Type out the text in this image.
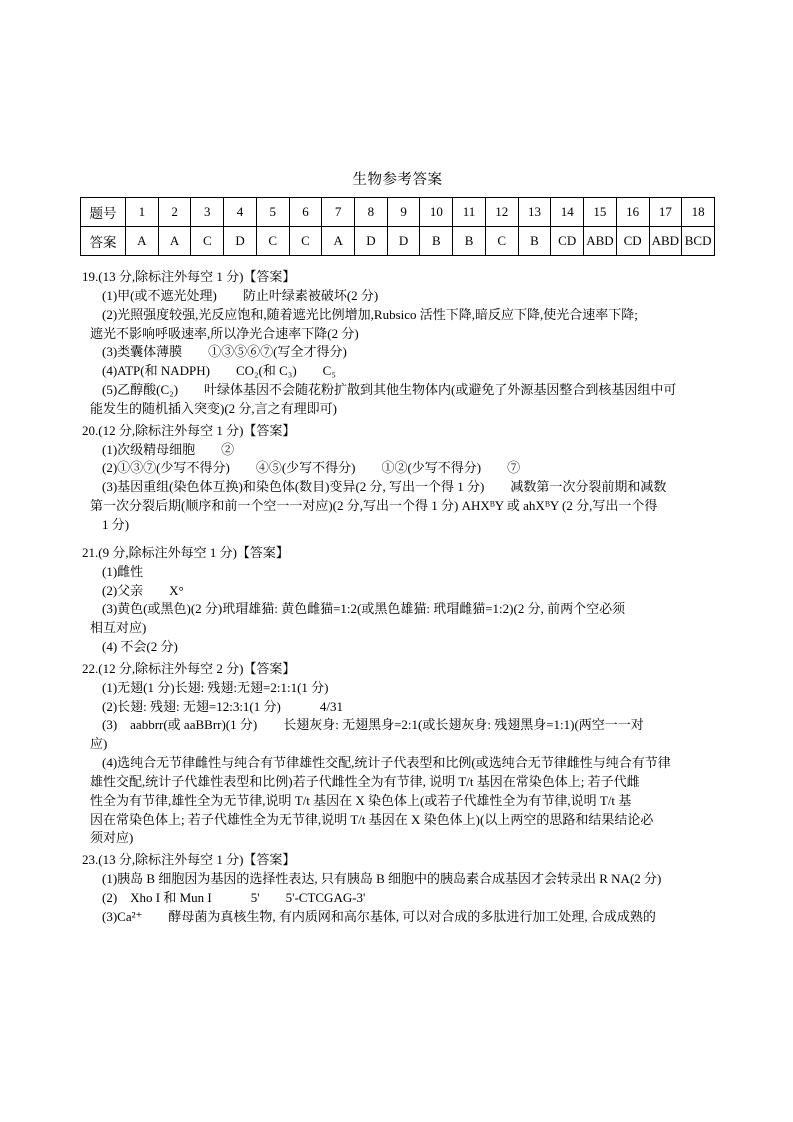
生物参考答案
题号	1	2	3	4	5	6	7	8	9	10	11	12	13	14	15	16	17	18
答案	A	A	C	D	C	C	A	D	D	B	B	C	B	CD	ABD	CD	ABD	BCD
19.(13 分,除标注外每空 1 分)【答案】
(1)甲(或不遮光处理)　　防止叶绿素被破坏(2 分)
(2)光照强度较强,光反应饱和,随着遮光比例增加,Rubsico 活性下降,暗反应下降,使光合速率下降;
遮光不影响呼吸速率,所以净光合速率下降(2 分)
(3)类囊体薄膜　　①③⑤⑥⑦(写全才得分)
(4)ATP(和 NADPH)　　CO₂(和 C₃)　　C₅
(5)乙醇酸(C₂)　　叶绿体基因不会随花粉扩散到其他生物体内(或避免了外源基因整合到核基因组中可
能发生的随机插入突变)(2 分,言之有理即可)
20.(12 分,除标注外每空 1 分)【答案】
(1)次级精母细胞　　②
(2)①③⑦(少写不得分)　　④⑤(少写不得分)　　①②(少写不得分)　　⑦
(3)基因重组(染色体互换)和染色体(数目)变异(2 分, 写出一个得 1 分)　　减数第一次分裂前期和减数
第一次分裂后期(顺序和前一个空一一对应)(2 分,写出一个得 1 分) AHXᴮY 或 ahXᴮY (2 分,写出一个得
1 分)
21.(9 分,除标注外每空 1 分)【答案】
(1)雌性
(2)父亲　　X°
(3)黄色(或黑色)(2 分)玳瑁雄猫: 黄色雌猫=1:2(或黑色雄猫: 玳瑁雌猫=1:2)(2 分, 前两个空必须
相互对应)
(4) 不会(2 分)
22.(12 分,除标注外每空 2 分)【答案】
(1)无翅(1 分)长翅: 残翅:无翅=2:1:1(1 分)
(2)长翅: 残翅: 无翅=12:3:1(1 分)　　　4/31
(3)　aabbrr(或 aaBBrr)(1 分)　　长翅灰身: 无翅黑身=2:1(或长翅灰身: 残翅黑身=1:1)(两空一一对
应)
(4)选纯合无节律雌性与纯合有节律雄性交配,统计子代表型和比例(或选纯合无节律雌性与纯合有节律
雄性交配,统计子代雄性表型和比例)若子代雌性全为有节律, 说明 T/t 基因在常染色体上; 若子代雌
性全为有节律,雄性全为无节律,说明 T/t 基因在 X 染色体上(或若子代雄性全为有节律,说明 T/t 基
因在常染色体上; 若子代雄性全为无节律,说明 T/t 基因在 X 染色体上)(以上两空的思路和结果结论必
须对应)
23.(13 分,除标注外每空 1 分)【答案】
(1)胰岛 B 细胞因为基因的选择性表达, 只有胰岛 B 细胞中的胰岛素合成基因才会转录出 R NA(2 分)
(2)　Xho I 和 Mun I　　　5'　　5'-CTCGAG-3'
(3)Ca²⁺　　酵母菌为真核生物, 有内质网和高尔基体, 可以对合成的多肽进行加工处理, 合成成熟的
